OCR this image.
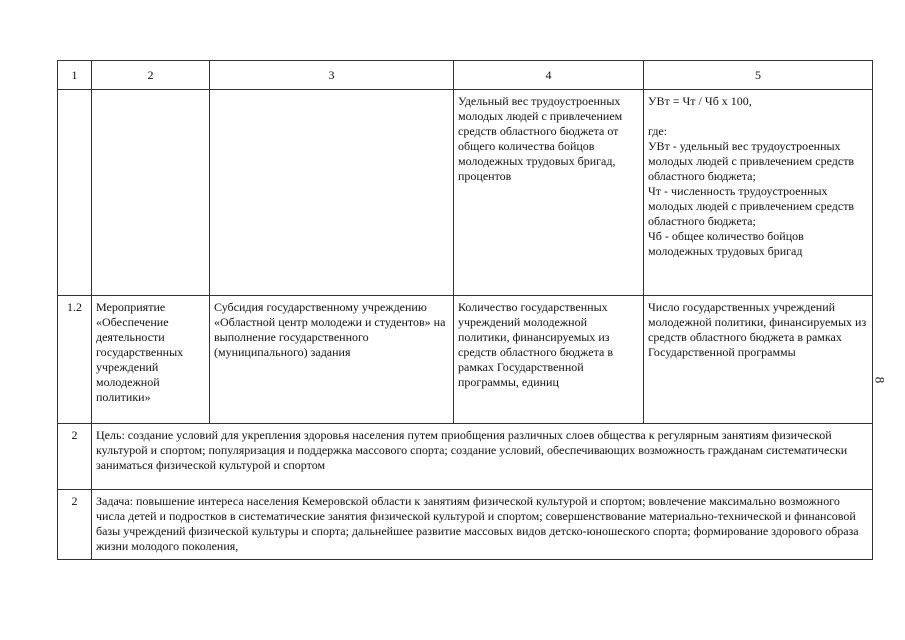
1	2	3	4	5
			Удельный вес трудоустроенных молодых людей с привлечением средств областного бюджета от общего количества бойцов молодежных трудовых бригад, процентов	УВт = Чт / Чб х 100,

где:
УВт - удельный вес трудоустроенных молодых людей с привлечением средств областного бюджета;
Чт - численность трудоустроенных молодых людей с привлечением средств областного бюджета;
Чб - общее количество бойцов молодежных трудовых бригад
1.2	Мероприятие «Обеспечение деятельности государственных учреждений молодежной политики»	Субсидия государственному учреждению «Областной центр молодежи и студентов» на выполнение государственного (муниципального) задания	Количество государственных учреждений молодежной политики, финансируемых из средств областного бюджета в рамках Государственной программы, единиц	Число государственных учреждений молодежной политики, финансируемых из средств областного бюджета в рамках Государственной программы
2	Цель: создание условий для укрепления здоровья населения путем приобщения различных слоев общества к регулярным занятиям физической культурой и спортом; популяризация и поддержка массового спорта; создание условий, обеспечивающих возможность гражданам систематически заниматься физической культурой и спортом			
2	Задача: повышение интереса населения Кемеровской области к занятиям физической культурой и спортом; вовлечение максимально возможного числа детей и подростков в систематические занятия физической культурой и спортом; совершенствование материально-технической и финансовой базы учреждений физической культуры и спорта; дальнейшее развитие массовых видов детско-юношеского спорта; формирование здорового образа жизни молодого поколения,			
8
